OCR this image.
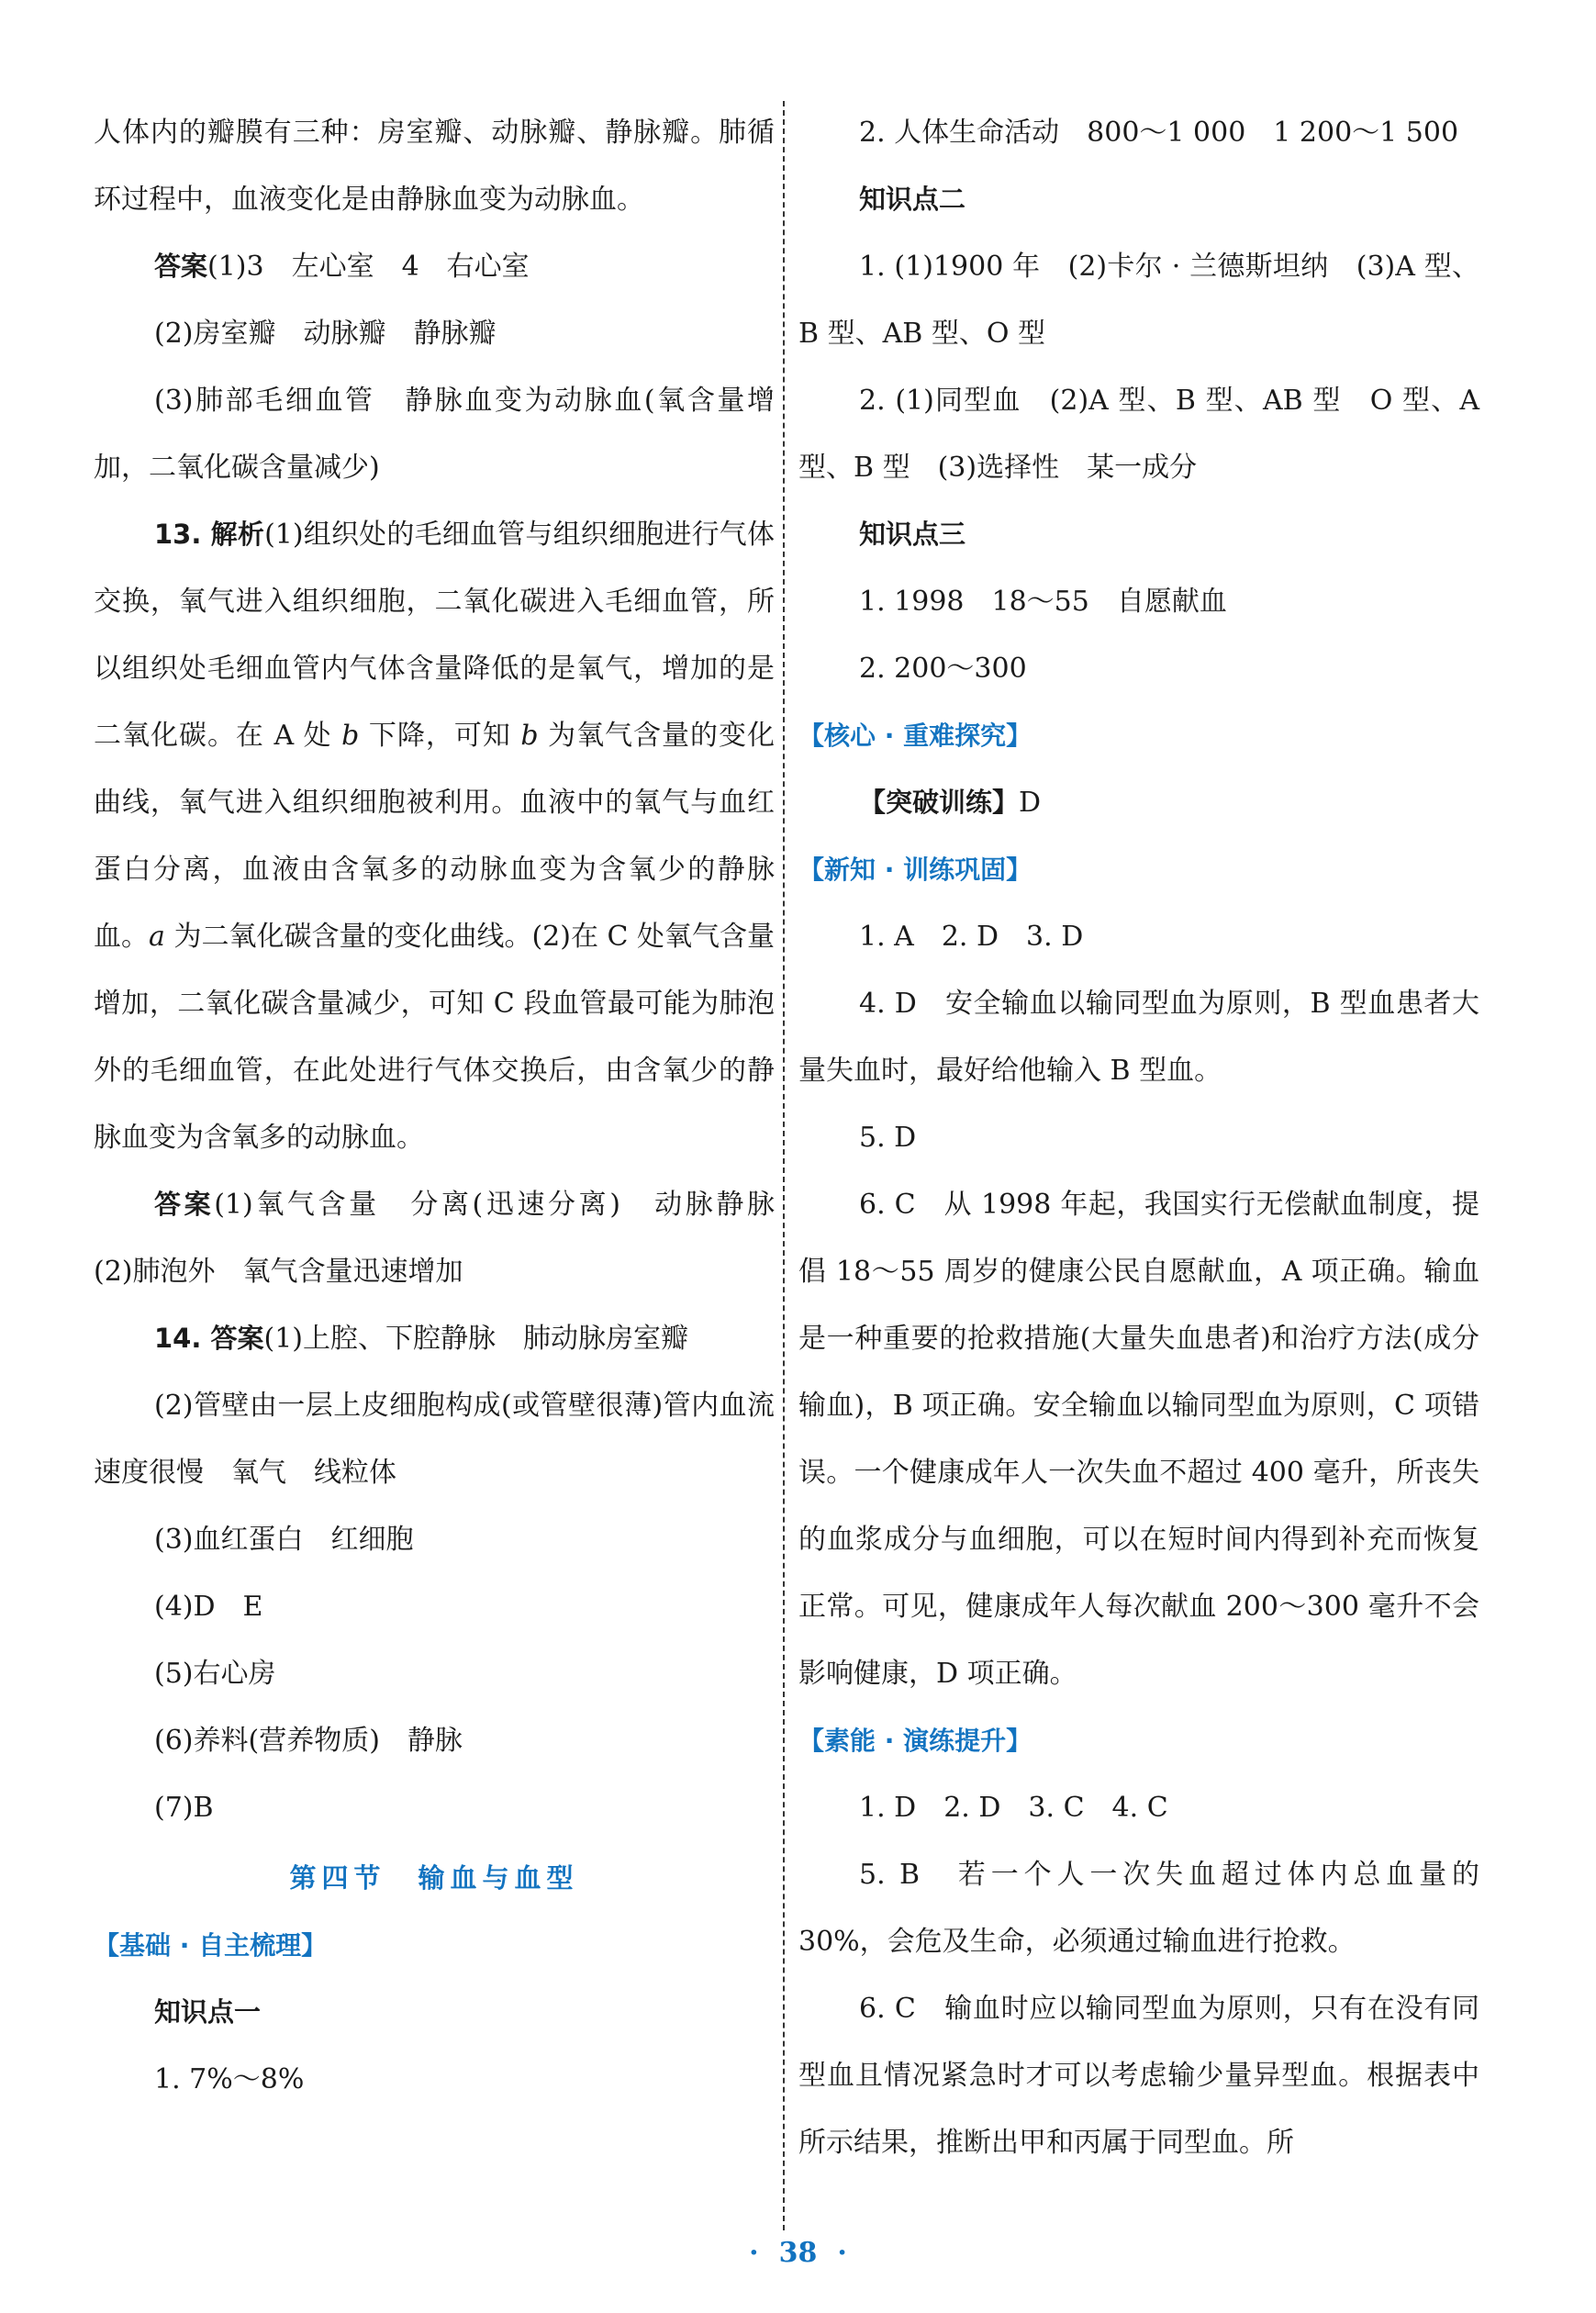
人体内的瓣膜有三种：房室瓣、动脉瓣、静脉瓣。肺循环过程中，血液变化是由静脉血变为动脉血。

答案(1)3　左心室　4　右心室

(2)房室瓣　动脉瓣　静脉瓣

(3)肺部毛细血管　静脉血变为动脉血(氧含量增加，二氧化碳含量减少)

13. 解析(1)组织处的毛细血管与组织细胞进行气体交换，氧气进入组织细胞，二氧化碳进入毛细血管，所以组织处毛细血管内气体含量降低的是氧气，增加的是二氧化碳。在 A 处 b 下降，可知 b 为氧气含量的变化曲线，氧气进入组织细胞被利用。血液中的氧气与血红蛋白分离，血液由含氧多的动脉血变为含氧少的静脉血。a 为二氧化碳含量的变化曲线。(2)在 C 处氧气含量增加，二氧化碳含量减少，可知 C 段血管最可能为肺泡外的毛细血管，在此处进行气体交换后，由含氧少的静脉血变为含氧多的动脉血。

答案(1)氧气含量　分离(迅速分离)　动脉静脉　(2)肺泡外　氧气含量迅速增加

14. 答案(1)上腔、下腔静脉　肺动脉房室瓣

(2)管壁由一层上皮细胞构成(或管壁很薄)管内血流速度很慢　氧气　线粒体

(3)血红蛋白　红细胞

(4)D　E

(5)右心房

(6)养料(营养物质)　静脉

(7)B

第四节　输血与血型

【基础 · 自主梳理】

知识点一

1. 7%～8%

2. 人体生命活动　800～1 000　1 200～1 500

知识点二

1. (1)1900 年　(2)卡尔 · 兰德斯坦纳　(3)A 型、B 型、AB 型、O 型

2. (1)同型血　(2)A 型、B 型、AB 型　O 型、A 型、B 型　(3)选择性　某一成分

知识点三

1. 1998　18～55　自愿献血

2. 200～300

【核心 · 重难探究】

【突破训练】D

【新知 · 训练巩固】

1. A　2. D　3. D

4. D　安全输血以输同型血为原则，B 型血患者大量失血时，最好给他输入 B 型血。

5. D

6. C　从 1998 年起，我国实行无偿献血制度，提倡 18～55 周岁的健康公民自愿献血，A 项正确。输血是一种重要的抢救措施(大量失血患者)和治疗方法(成分输血)，B 项正确。安全输血以输同型血为原则，C 项错误。一个健康成年人一次失血不超过 400 毫升，所丧失的血浆成分与血细胞，可以在短时间内得到补充而恢复正常。可见，健康成年人每次献血 200～300 毫升不会影响健康，D 项正确。

【素能 · 演练提升】

1. D　2. D　3. C　4. C

5. B　若一个人一次失血超过体内总血量的 30%，会危及生命，必须通过输血进行抢救。

6. C　输血时应以输同型血为原则，只有在没有同型血且情况紧急时才可以考虑输少量异型血。根据表中所示结果，推断出甲和丙属于同型血。所

· 38 ·
